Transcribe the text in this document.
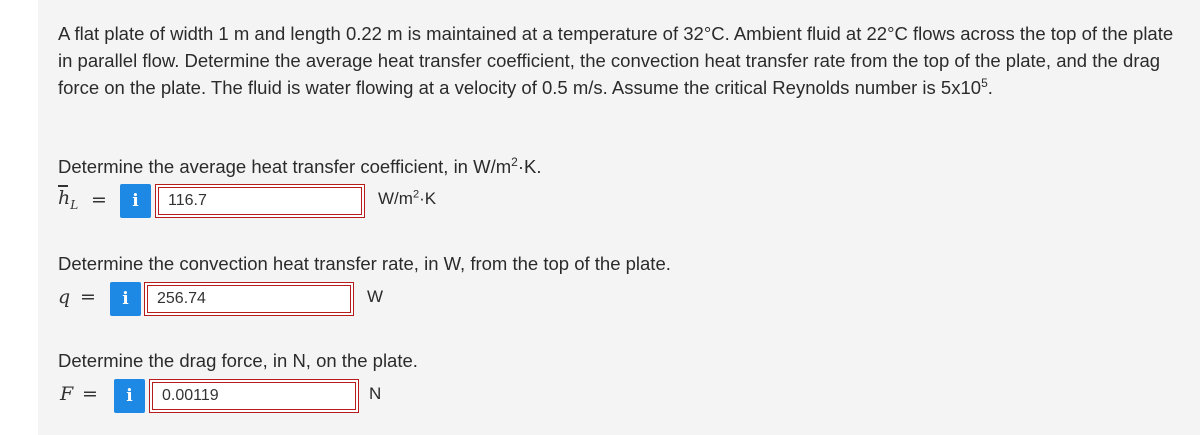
A flat plate of width 1 m and length 0.22 m is maintained at a temperature of 32°C. Ambient fluid at 22°C flows across the top of the plate in parallel flow. Determine the average heat transfer coefficient, the convection heat transfer rate from the top of the plate, and the drag force on the plate. The fluid is water flowing at a velocity of 0.5 m/s. Assume the critical Reynolds number is $5x10^5$.
Determine the average heat transfer coefficient, in $W/m^2\cdot K$.
$h_L$ =	i	116.7	$W/m^2\cdot K$
Determine the convection heat transfer rate, in W, from the top of the plate.
q =	i	256.74	W
Determine the drag force, in N, on the plate.
F =	i	0.00119	N
